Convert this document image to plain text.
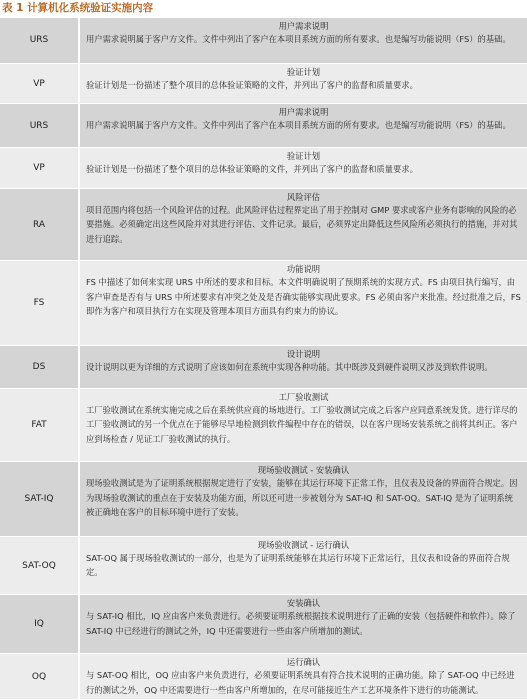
表 1 计算机化系统验证实施内容
URS
用户需求说明
用户需求说明属于客户方文件。文件中列出了客户在本项目系统方面的所有要求。也是编写功能说明（FS）的基础。
VP
验证计划
验证计划是一份描述了整个项目的总体验证策略的文件，并列出了客户的监督和质量要求。
URS
用户需求说明
用户需求说明属于客户方文件。文件中列出了客户在本项目系统方面的所有要求。也是编写功能说明（FS）的基础。
VP
验证计划
验证计划是一份描述了整个项目的总体验证策略的文件，并列出了客户的监督和质量要求。
RA
风险评估
项目范围内将包括一个风险评估的过程。此风险评估过程界定出了用于控制对 GMP 要求或客户业务有影响的风险的必要措施。必须确定出这些风险并对其进行评估、文件记录。最后，必须界定出降低这些风险所必须执行的措施，并对其进行追踪。
FS
功能说明
FS 中描述了如何来实现 URS 中所述的要求和目标。本文件明确说明了预期系统的实现方式。FS 由项目执行编写，由客户审查是否有与 URS 中所述要求有冲突之处及是否确实能够实现此要求。FS 必须由客户来批准。经过批准之后，FS 即作为客户和项目执行方在实现及管理本项目方面具有约束力的协议。
DS
设计说明
设计说明以更为详细的方式说明了应该如何在系统中实现各种功能。其中既涉及到硬件说明又涉及到软件说明。
FAT
工厂验收测试
工厂验收测试在系统实施完成之后在系统供应商的场地进行。工厂验收测试完成之后客户应同意系统发货。进行详尽的工厂验收测试的另一个优点在于能够尽早地检测到软件编程中存在的错误，以在客户现场安装系统之前将其纠正。客户应到场检查 / 见证工厂验收测试的执行。
SAT-IQ
现场验收测试 - 安装确认
现场验收测试是为了证明系统根据规定进行了安装，能够在其运行环境下正常工作，且仪表及设备的界面符合规定。因为现场验收测试的重点在于安装及功能方面，所以还可进一步被划分为 SAT-IQ 和 SAT-OQ。SAT-IQ 是为了证明系统被正确地在客户的目标环境中进行了安装。
SAT-OQ
现场验收测试 - 运行确认
SAT-OQ 属于现场验收测试的一部分，也是为了证明系统能够在其运行环境下正常运行，且仪表和设备的界面符合规定。
IQ
安装确认
与 SAT-IQ 相比，IQ 应由客户来负责进行。必须要证明系统根据技术说明进行了正确的安装（包括硬件和软件）。除了 SAT-IQ 中已经进行的测试之外，IQ 中还需要进行一些由客户所增加的测试。
OQ
运行确认
与 SAT-OQ 相比，OQ 应由客户来负责进行，必须要证明系统具有符合技术说明的正确功能。除了 SAT-OQ 中已经进行的测试之外，OQ 中还需要进行一些由客户所增加的，在尽可能接近生产工艺环境条件下进行的功能测试。
